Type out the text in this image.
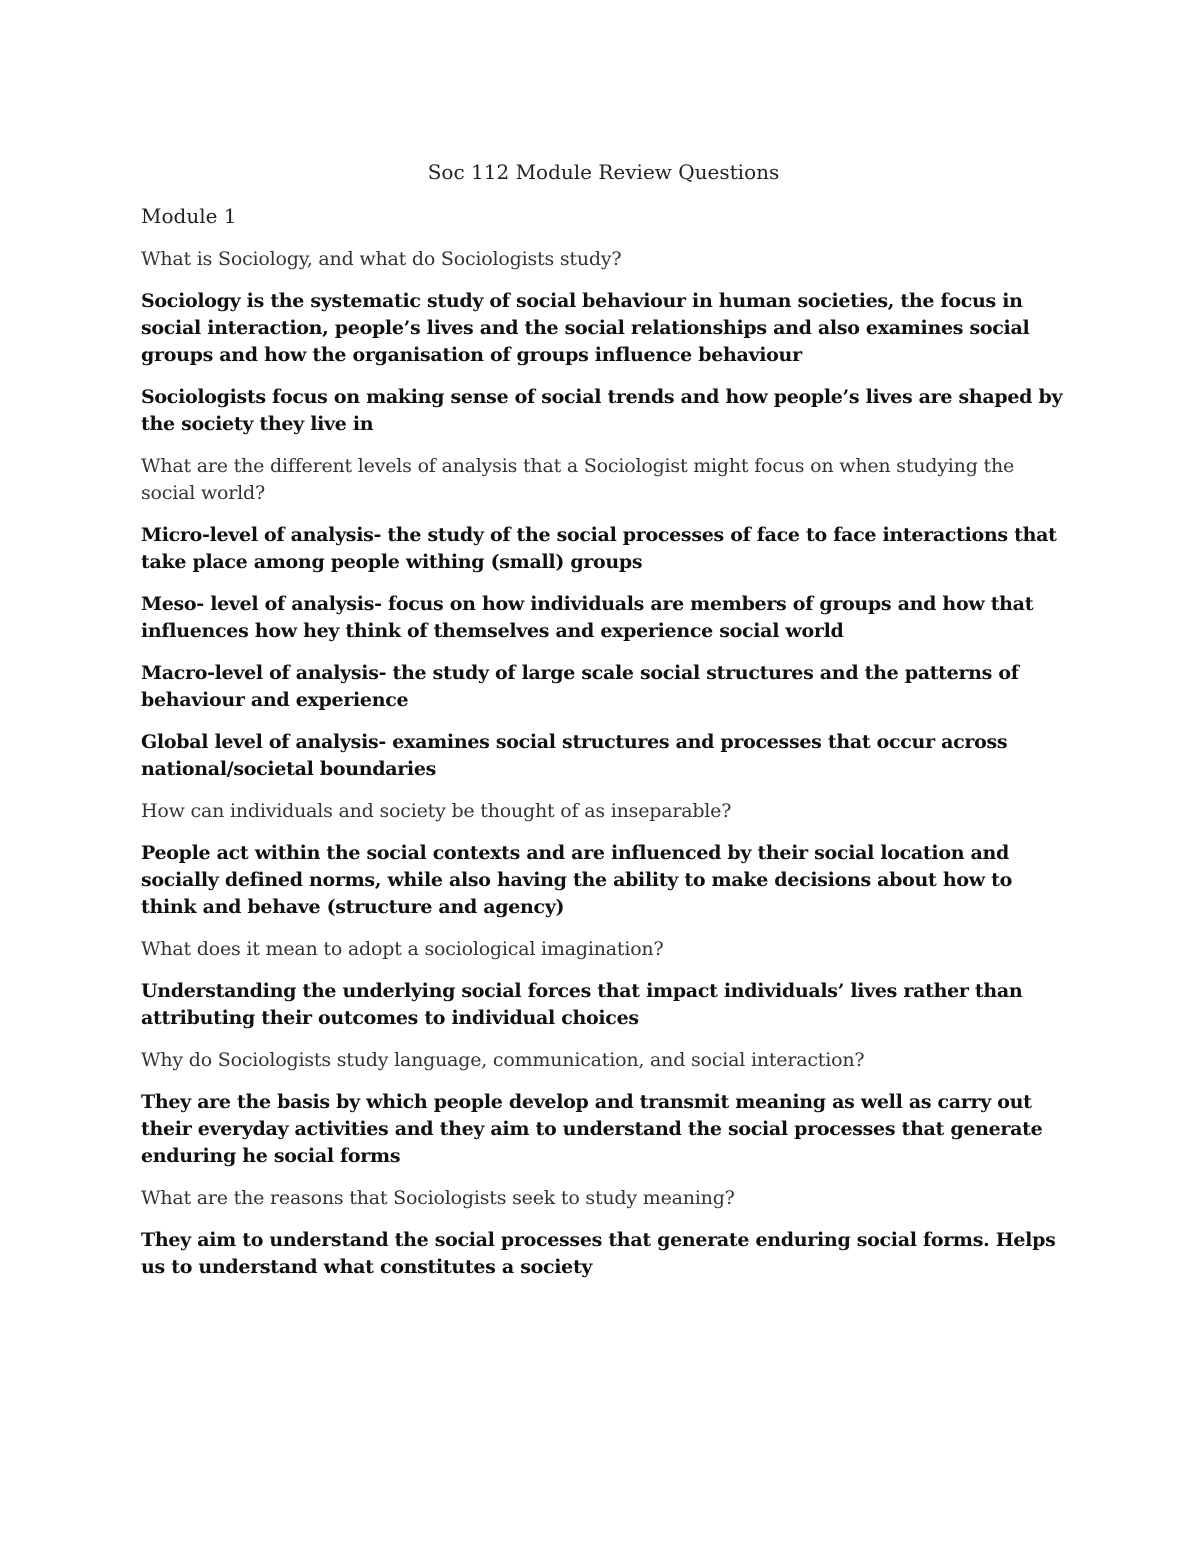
Soc 112 Module Review Questions
Module 1

What is Sociology, and what do Sociologists study?

Sociology is the systematic study of social behaviour in human societies, the focus in social interaction, people’s lives and the social relationships and also examines social groups and how the organisation of groups influence behaviour

Sociologists focus on making sense of social trends and how people’s lives are shaped by the society they live in

What are the different levels of analysis that a Sociologist might focus on when studying the social world?

Micro-level of analysis- the study of the social processes of face to face interactions that take place among people withing (small) groups

Meso- level of analysis- focus on how individuals are members of groups and how that influences how hey think of themselves and experience social world

Macro-level of analysis- the study of large scale social structures and the patterns of behaviour and experience

Global level of analysis- examines social structures and processes that occur across national/societal boundaries

How can individuals and society be thought of as inseparable?

People act within the social contexts and are influenced by their social location and socially defined norms, while also having the ability to make decisions about how to think and behave (structure and agency)

What does it mean to adopt a sociological imagination?

Understanding the underlying social forces that impact individuals’ lives rather than attributing their outcomes to individual choices

Why do Sociologists study language, communication, and social interaction?

They are the basis by which people develop and transmit meaning as well as carry out their everyday activities and they aim to understand the social processes that generate enduring he social forms

What are the reasons that Sociologists seek to study meaning?

They aim to understand the social processes that generate enduring social forms. Helps us to understand what constitutes a society
